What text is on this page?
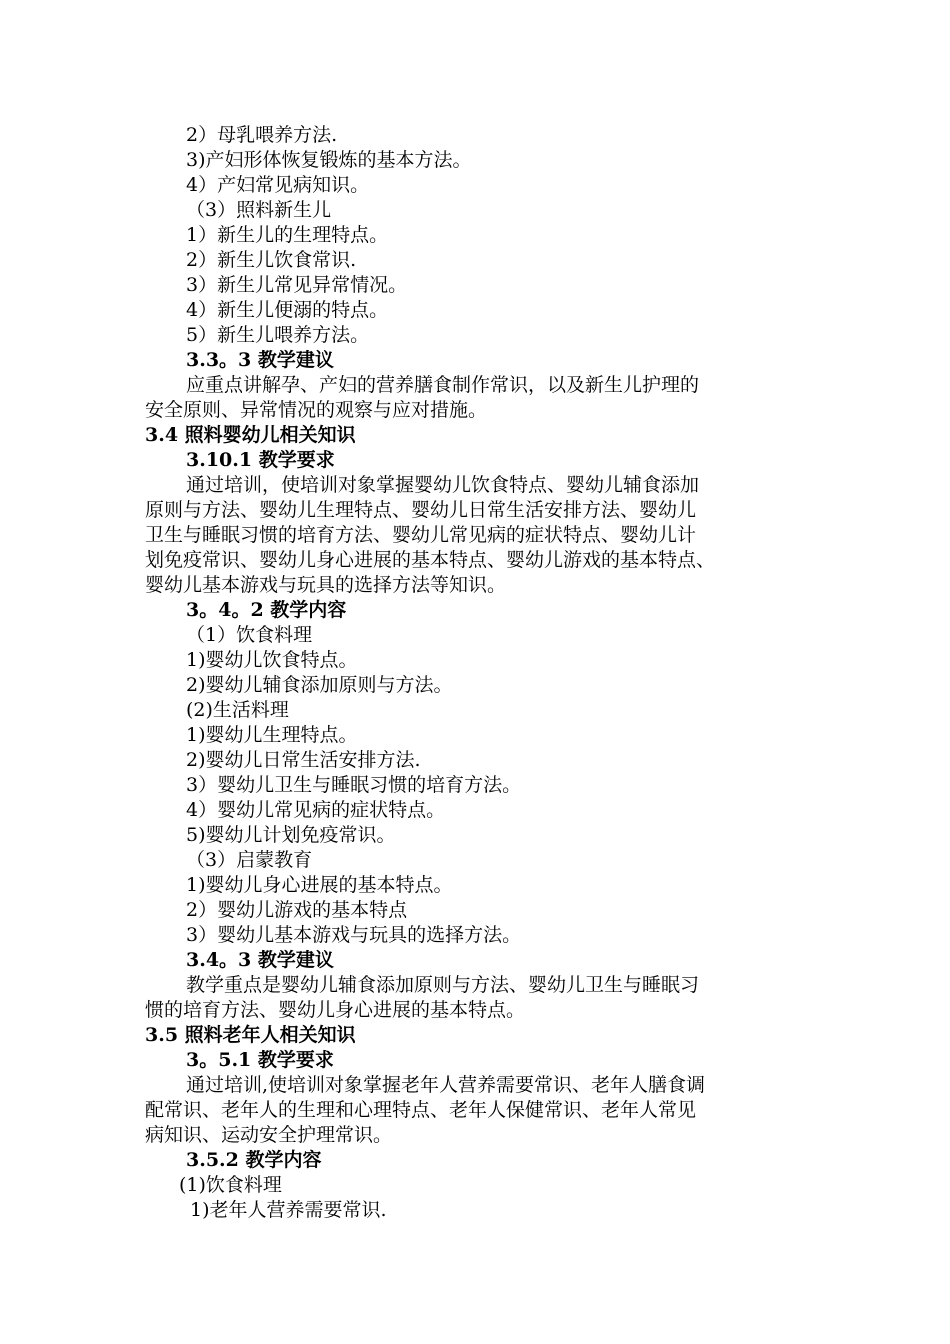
2）母乳喂养方法.
3)产妇形体恢复锻炼的基本方法。
4）产妇常见病知识。
（3）照料新生儿
1）新生儿的生理特点。
2）新生儿饮食常识.
3）新生儿常见异常情况。
4）新生儿便溺的特点。
5）新生儿喂养方法。
3.3。3 教学建议
应重点讲解孕、产妇的营养膳食制作常识，以及新生儿护理的
安全原则、异常情况的观察与应对措施。
3.4 照料婴幼儿相关知识
3.10.1 教学要求
通过培训，使培训对象掌握婴幼儿饮食特点、婴幼儿辅食添加
原则与方法、婴幼儿生理特点、婴幼儿日常生活安排方法、婴幼儿
卫生与睡眠习惯的培育方法、婴幼儿常见病的症状特点、婴幼儿计
划免疫常识、婴幼儿身心进展的基本特点、婴幼儿游戏的基本特点、
婴幼儿基本游戏与玩具的选择方法等知识。
3。4。2 教学内容
（1）饮食料理
1)婴幼儿饮食特点。
2)婴幼儿辅食添加原则与方法。
(2)生活料理
1)婴幼儿生理特点。
2)婴幼儿日常生活安排方法.
3）婴幼儿卫生与睡眠习惯的培育方法。
4）婴幼儿常见病的症状特点。
5)婴幼儿计划免疫常识。
（3）启蒙教育
1)婴幼儿身心进展的基本特点。
2）婴幼儿游戏的基本特点
3）婴幼儿基本游戏与玩具的选择方法。
3.4。3 教学建议
教学重点是婴幼儿辅食添加原则与方法、婴幼儿卫生与睡眠习
惯的培育方法、婴幼儿身心进展的基本特点。
3.5 照料老年人相关知识
3。5.1 教学要求
通过培训,使培训对象掌握老年人营养需要常识、老年人膳食调
配常识、老年人的生理和心理特点、老年人保健常识、老年人常见
病知识、运动安全护理常识。
3.5.2 教学内容
(1)饮食料理
1)老年人营养需要常识.
